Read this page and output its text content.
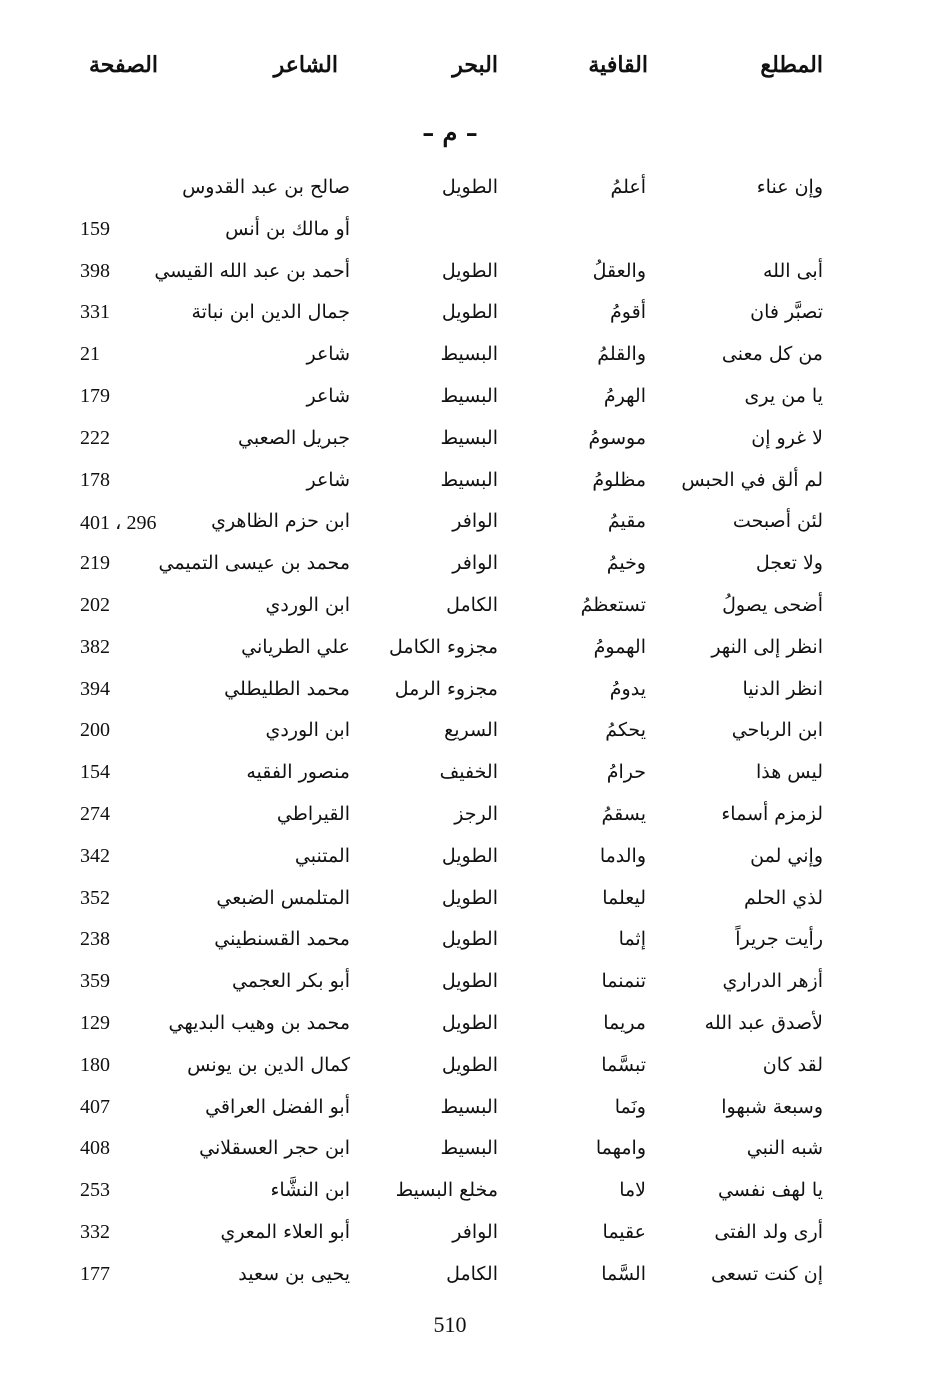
المطلع
القافية
البحر
الشاعر
الصفحة
– م –
وإن عناء
أعلمُ
الطويل
صالح بن عبد القدوس
أو مالك بن أنس
159
أبى الله
والعقلُ
الطويل
أحمد بن عبد الله القيسي
398
تصبَّر فان
أقومُ
الطويل
جمال الدين ابن نباتة
331
من كل معنى
والقلمُ
البسيط
شاعر
21
يا من يرى
الهرمُ
البسيط
شاعر
179
لا غرو إن
موسومُ
البسيط
جبريل الصعبي
222
لم ألق في الحبس
مظلومُ
البسيط
شاعر
178
لئن أصبحت
مقيمُ
الوافر
ابن حزم الظاهري
401 ، 296
ولا تعجل
وخيمُ
الوافر
محمد بن عيسى التميمي
219
أضحى يصولُ
تستعظمُ
الكامل
ابن الوردي
202
انظر إلى النهر
الهمومُ
مجزوء الكامل
علي الطرياني
382
انظر الدنيا
يدومُ
مجزوء الرمل
محمد الطليطلي
394
ابن الرباحي
يحكمُ
السريع
ابن الوردي
200
ليس هذا
حرامُ
الخفيف
منصور الفقيه
154
لزمزم أسماء
يسقمُ
الرجز
القيراطي
274
وإني لمن
والدما
الطويل
المتنبي
342
لذي الحلم
ليعلما
الطويل
المتلمس الضبعي
352
رأيت جريراً
إثما
الطويل
محمد القسنطيني
238
أزهر الدراري
تنمنما
الطويل
أبو بكر العجمي
359
لأصدق عبد الله
مريما
الطويل
محمد بن وهيب البديهي
129
لقد كان
تبسَّما
الطويل
كمال الدين بن يونس
180
وسبعة شبهوا
ونَما
البسيط
أبو الفضل العراقي
407
شبه النبي
وامهما
البسيط
ابن حجر العسقلاني
408
يا لهف نفسي
لاما
مخلع البسيط
ابن النشَّاء
253
أرى ولد الفتى
عقيما
الوافر
أبو العلاء المعري
332
إن كنت تسعى
السَّما
الكامل
يحيى بن سعيد
177
510
